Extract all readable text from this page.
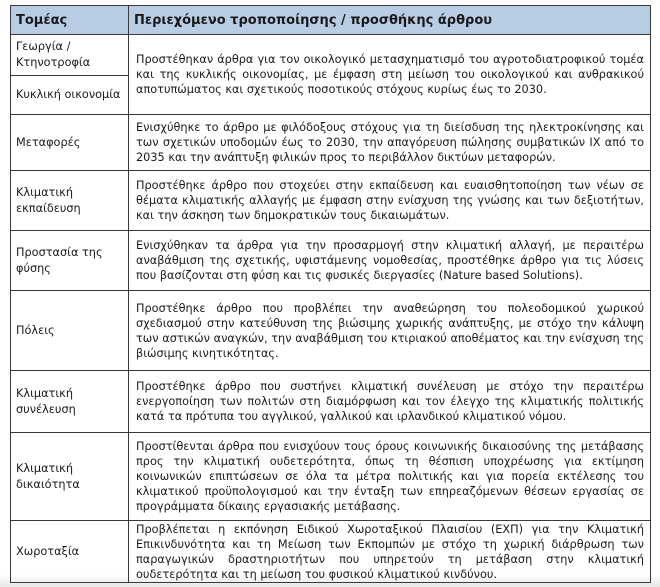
Τομέας	Περιεχόμενο τροποποίησης / προσθήκης άρθρου
Γεωργία / Κτηνοτροφία	Προστέθηκαν άρθρα για τον οικολογικό μετασχηματισμό του αγροτοδιατροφικού τομέα και της κυκλικής οικονομίας, με έμφαση στη μείωση του οικολογικού και ανθρακικού αποτυπώματος και σχετικούς ποσοτικούς στόχους κυρίως έως το 2030.

Κυκλική οικονομία	
Μεταφορές	Ενισχύθηκε το άρθρο με φιλόδοξους στόχους για τη διείσδυση της ηλεκτροκίνησης και των σχετικών υποδομών έως το 2030, την απαγόρευση πώλησης συμβατικών ΙΧ από το 2035 και την ανάπτυξη φιλικών προς το περιβάλλον δικτύων μεταφορών.

Κλιματική εκπαίδευση	Προστέθηκε άρθρο που στοχεύει στην εκπαίδευση και ευαισθητοποίηση των νέων σε θέματα κλιματικής αλλαγής με έμφαση στην ενίσχυση της γνώσης και των δεξιοτήτων, και την άσκηση των δημοκρατικών τους δικαιωμάτων.

Προστασία της φύσης	Ενισχύθηκαν τα άρθρα για την προσαρμογή στην κλιματική αλλαγή, με περαιτέρω αναβάθμιση της σχετικής, υφιστάμενης νομοθεσίας, προστέθηκε άρθρο για τις λύσεις που βασίζονται στη φύση και τις φυσικές διεργασίες (Nature based Solutions).

Πόλεις	Προστέθηκε άρθρο που προβλέπει την αναθεώρηση του πολεοδομικού χωρικού σχεδιασμού στην κατεύθυνση της βιώσιμης χωρικής ανάπτυξης, με στόχο την κάλυψη των αστικών αναγκών, την αναβάθμιση του κτιριακού αποθέματος και την ενίσχυση της βιώσιμης κινητικότητας.

Κλιματική συνέλευση	Προστέθηκε άρθρο που συστήνει κλιματική συνέλευση με στόχο την περαιτέρω ενεργοποίηση των πολιτών στη διαμόρφωση και τον έλεγχο της κλιματικής πολιτικής κατά τα πρότυπα του αγγλικού, γαλλικού και ιρλανδικού κλιματικού νόμου.

Κλιματική δικαιότητα	Προστίθενται άρθρα που ενισχύουν τους όρους κοινωνικής δικαιοσύνης της μετάβασης προς την κλιματική ουδετερότητα, όπως τη θέσπιση υποχρέωσης για εκτίμηση κοινωνικών επιπτώσεων σε όλα τα μέτρα πολιτικής και για πορεία εκτέλεσης του κλιματικού προϋπολογισμού και την ένταξη των επηρεαζόμενων θέσεων εργασίας σε προγράμματα δίκαιης εργασιακής μετάβασης.

Χωροταξία	Προβλέπεται η εκπόνηση Ειδικού Χωροταξικού Πλαισίου (ΕΧΠ) για την Κλιματική Επικινδυνότητα και τη Μείωση των Εκπομπών με στόχο τη χωρική διάρθρωση των παραγωγικών δραστηριοτήτων που υπηρετούν τη μετάβαση στην κλιματική ουδετερότητα και τη μείωση του φυσικού κλιματικού κινδύνου.
